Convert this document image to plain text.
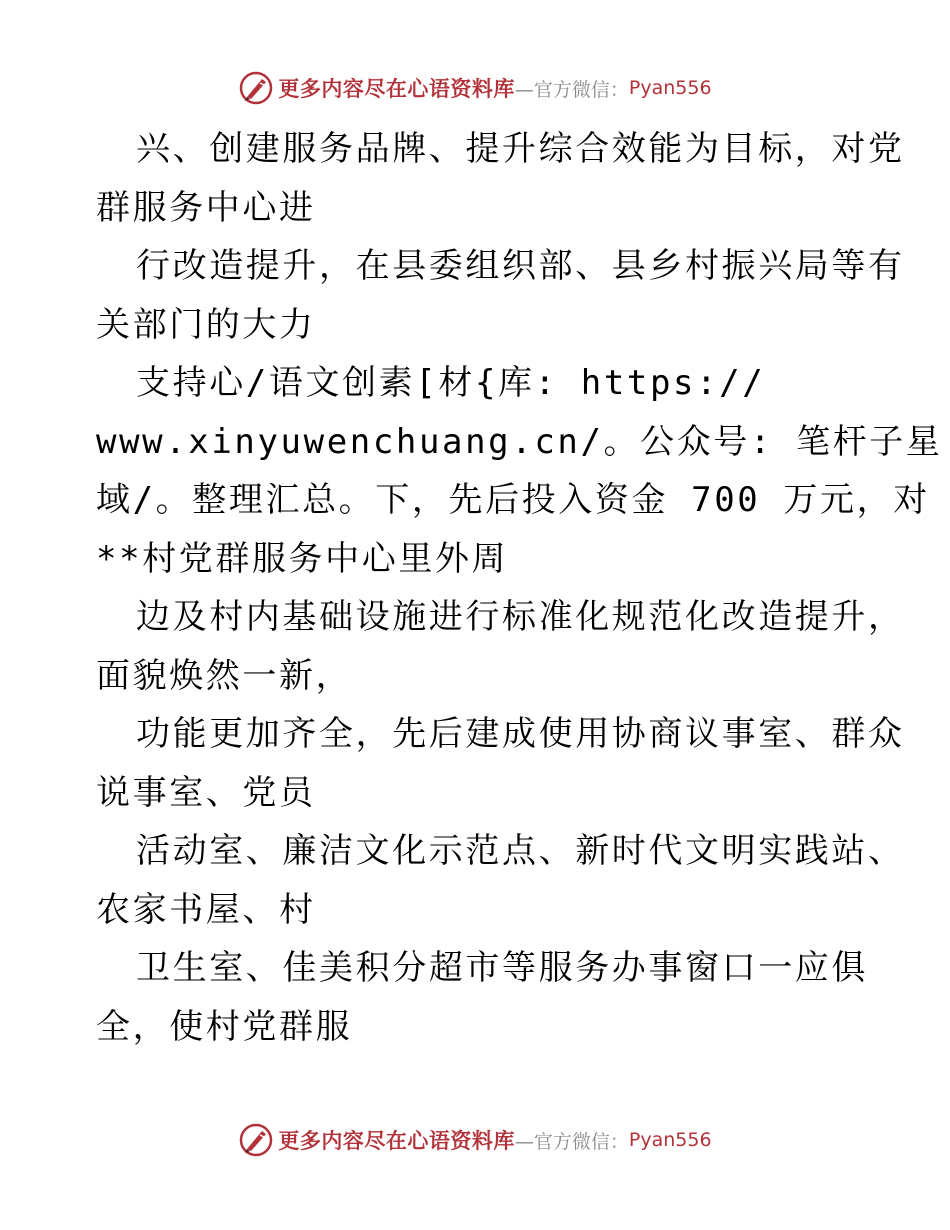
更多内容尽在心语资料库 —官方微信： Pyan556
兴、创建服务品牌、提升综合效能为目标，对党
群服务中心进
行改造提升，在县委组织部、县乡村振兴局等有
关部门的大力
支持心/语文创素[材{库: https://
www.xinyuwenchuang.cn/。公众号: 笔杆子星
域/。整理汇总。下，先后投入资金 700 万元，对
**村党群服务中心里外周
边及村内基础设施进行标准化规范化改造提升，
面貌焕然一新，
功能更加齐全，先后建成使用协商议事室、群众
说事室、党员
活动室、廉洁文化示范点、新时代文明实践站、
农家书屋、村
卫生室、佳美积分超市等服务办事窗口一应俱
全，使村党群服
更多内容尽在心语资料库 —官方微信： Pyan556
